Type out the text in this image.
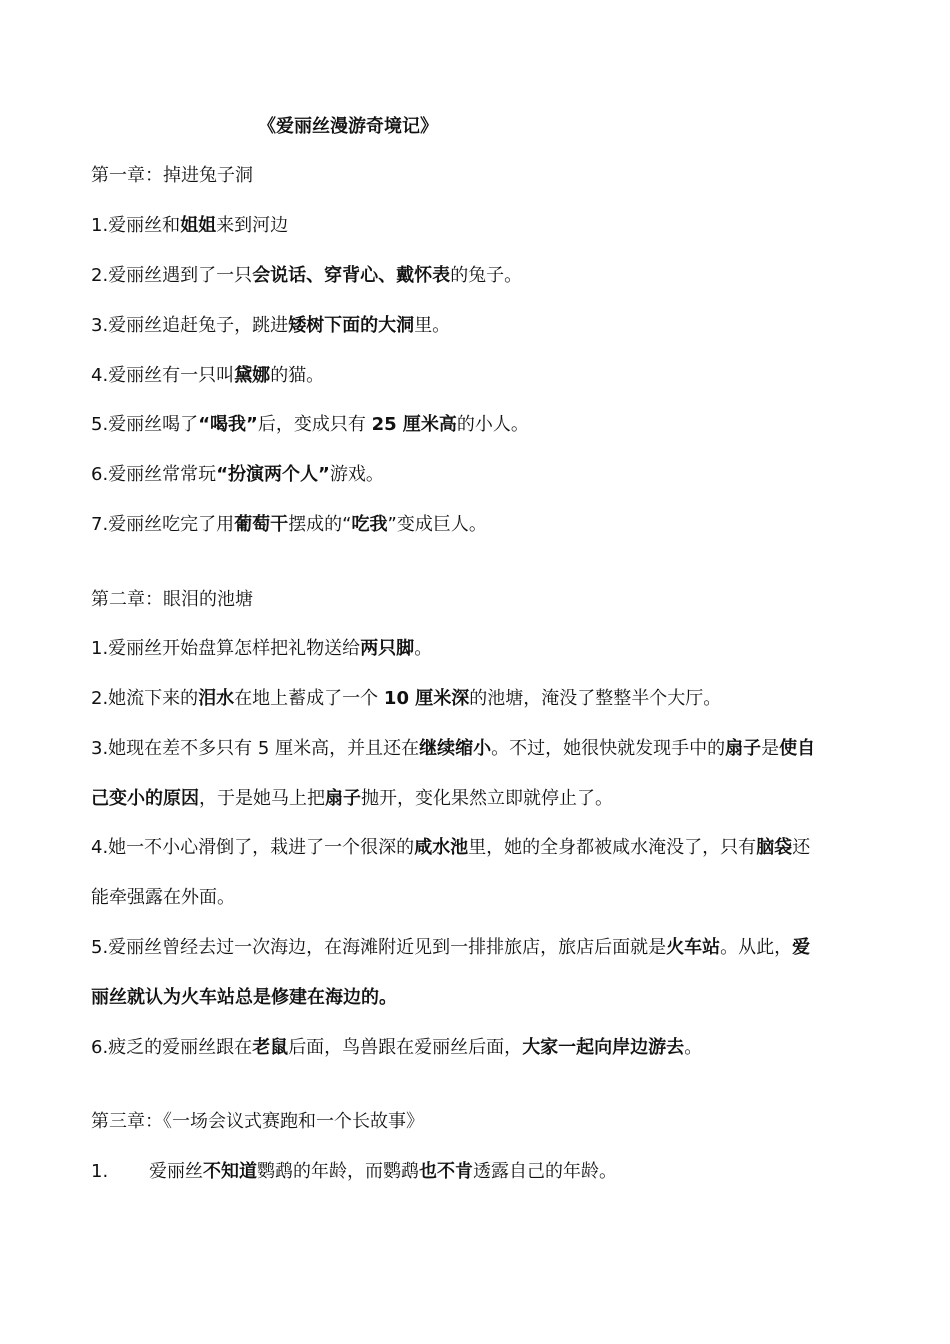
《爱丽丝漫游奇境记》
第一章：掉进兔子洞
1.爱丽丝和姐姐来到河边
2.爱丽丝遇到了一只会说话、穿背心、戴怀表的兔子。
3.爱丽丝追赶兔子，跳进矮树下面的大洞里。
4.爱丽丝有一只叫黛娜的猫。
5.爱丽丝喝了“喝我”后，变成只有 25 厘米高的小人。
6.爱丽丝常常玩“扮演两个人”游戏。
7.爱丽丝吃完了用葡萄干摆成的“吃我”变成巨人。
第二章：眼泪的池塘
1.爱丽丝开始盘算怎样把礼物送给两只脚。
2.她流下来的泪水在地上蓄成了一个 10 厘米深的池塘，淹没了整整半个大厅。
3.她现在差不多只有 5 厘米高，并且还在继续缩小。不过，她很快就发现手中的扇子是使自
己变小的原因，于是她马上把扇子抛开，变化果然立即就停止了。
4.她一不小心滑倒了，栽进了一个很深的咸水池里，她的全身都被咸水淹没了，只有脑袋还
能牵强露在外面。
5.爱丽丝曾经去过一次海边，在海滩附近见到一排排旅店，旅店后面就是火车站。从此，爱
丽丝就认为火车站总是修建在海边的。
6.疲乏的爱丽丝跟在老鼠后面，鸟兽跟在爱丽丝后面，大家一起向岸边游去。
第三章：《一场会议式赛跑和一个长故事》
1. 爱丽丝不知道鹦鹉的年龄，而鹦鹉也不肯透露自己的年龄。
